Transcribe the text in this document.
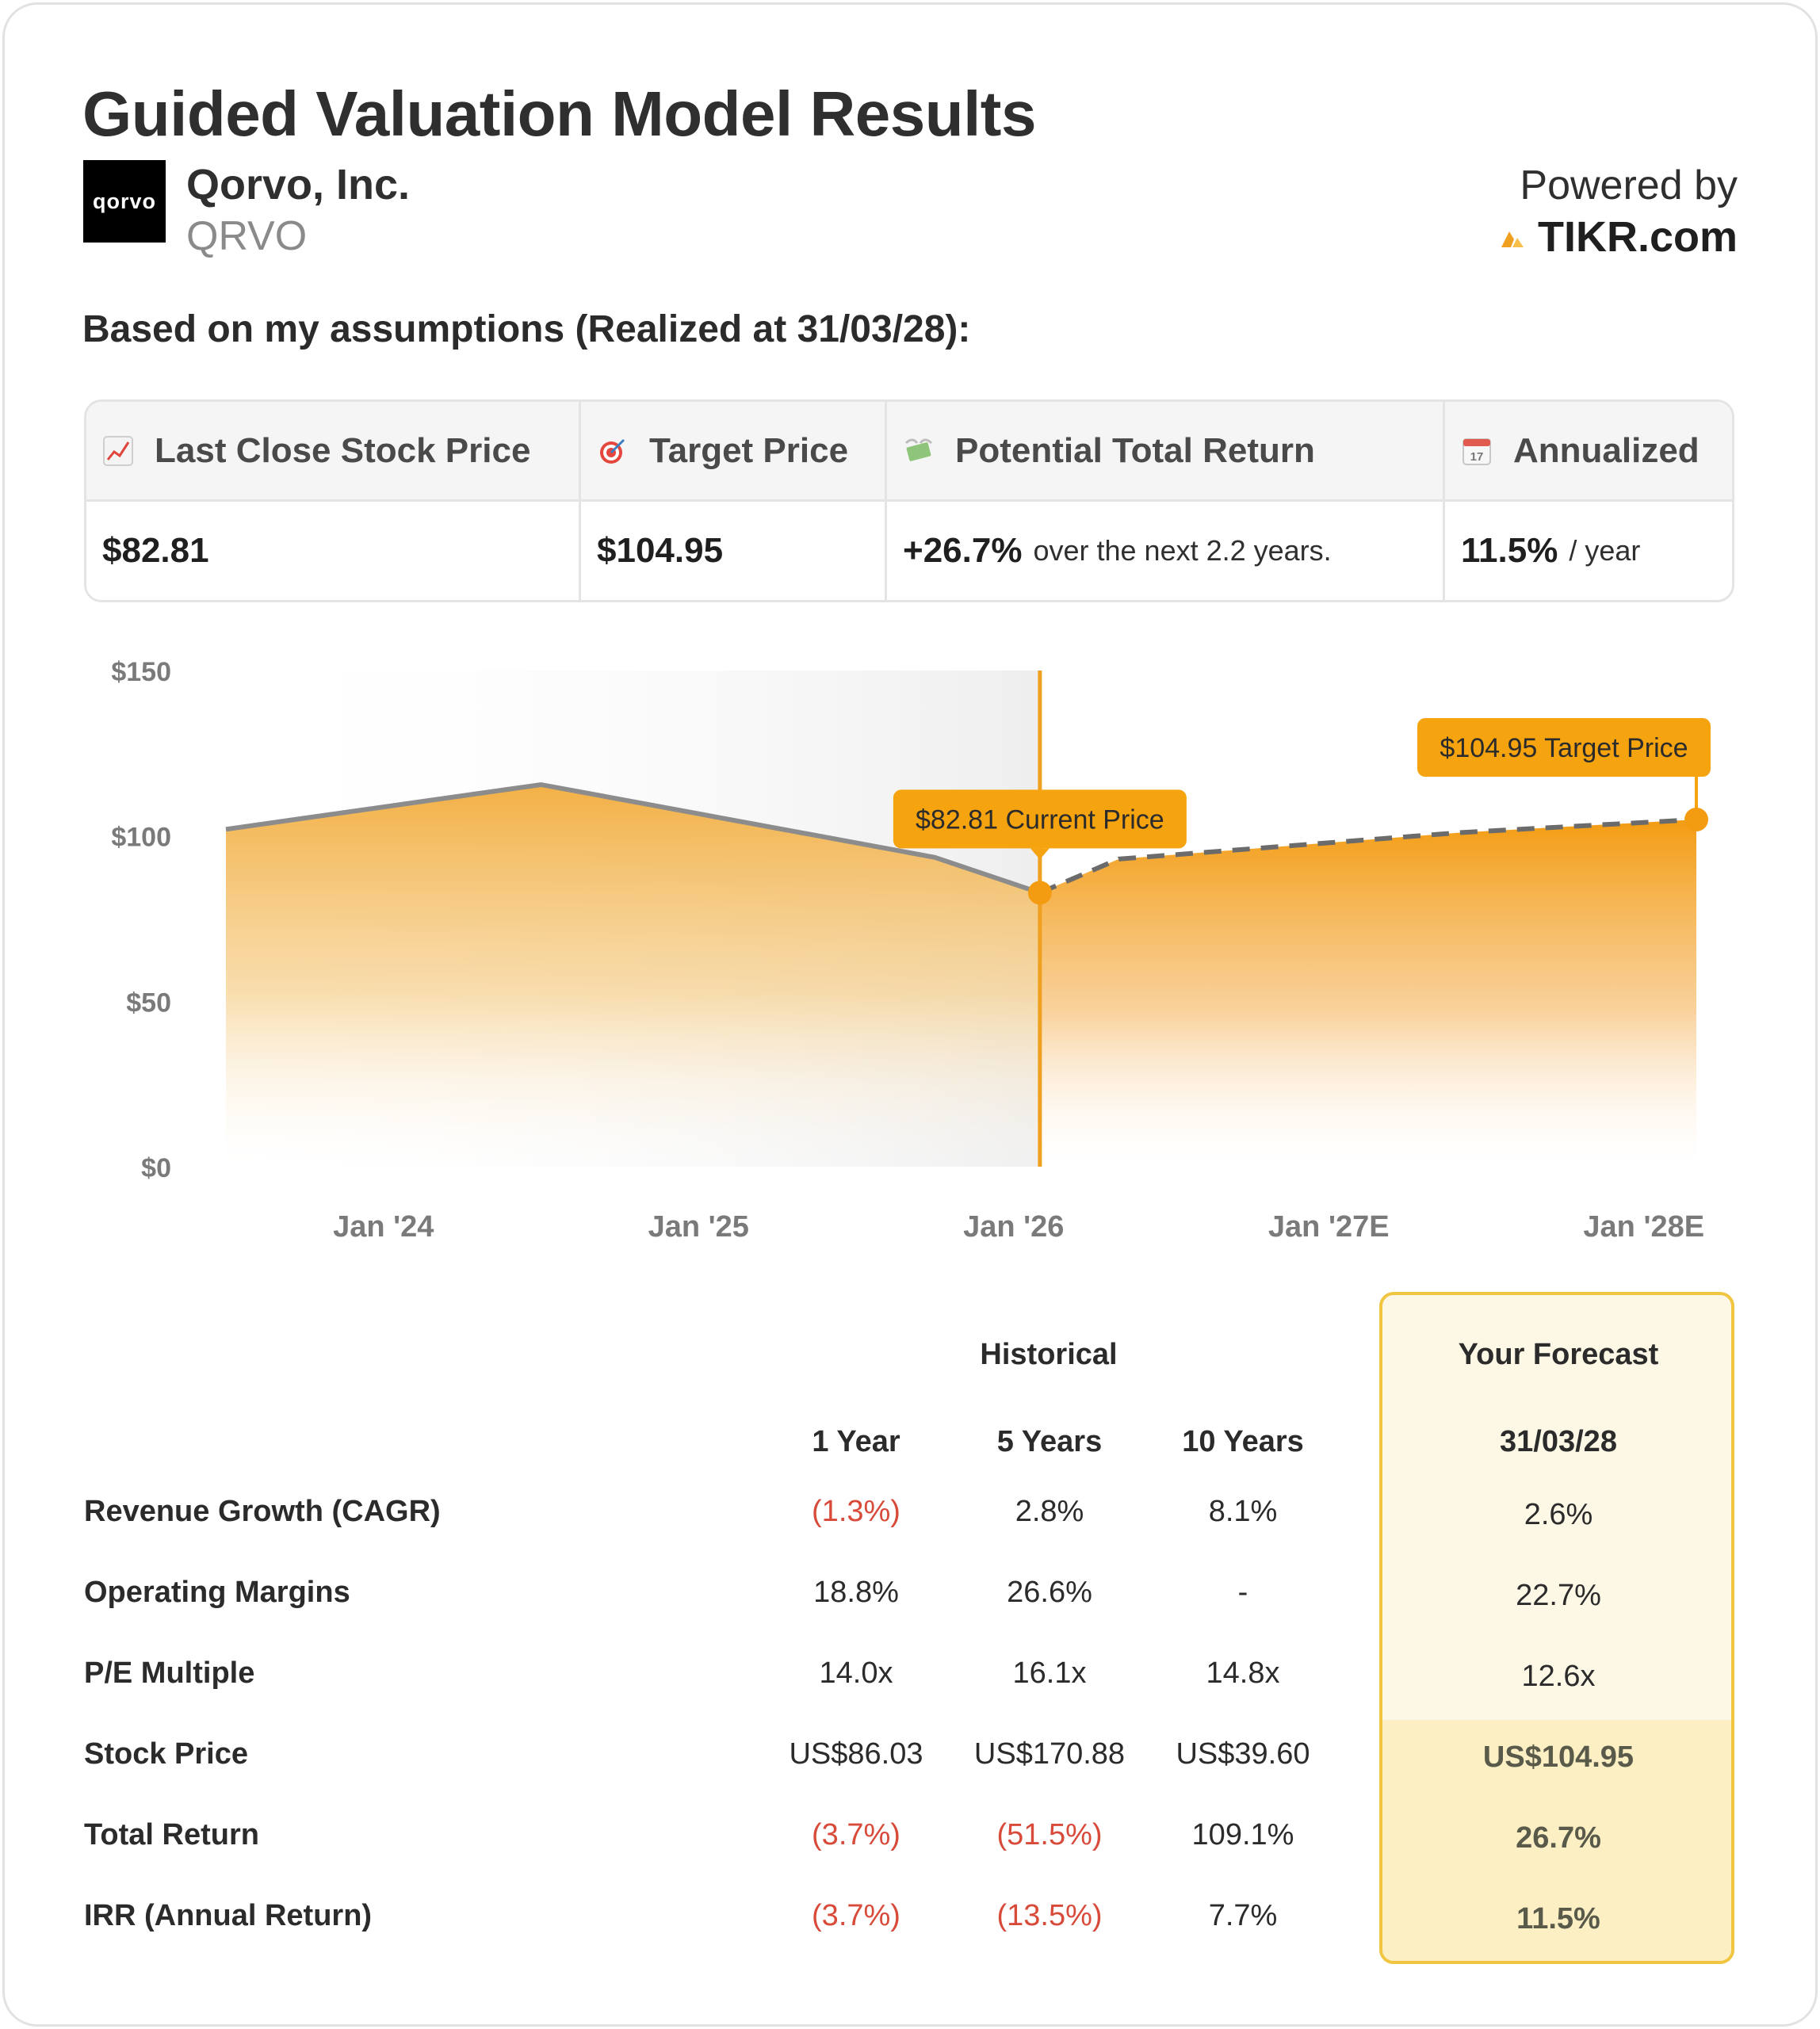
Guided Valuation Model Results
qorvo Qorvo, Inc.
QRVO
Powered by
TIKR.com
Based on my assumptions (Realized at 31/03/28):
Last Close Stock Price	Target Price	Potential Total Return	17 Annualized
$82.81	$104.95	+26.7% over the next 2.2 years.	11.5% / year
$150
$100
$50
$0
Jan '24	Jan '25	Jan '26	Jan '27E	Jan '28E
$82.81 Current Price
$104.95 Target Price
Historical	Your Forecast
1 Year	5 Years	10 Years	31/03/28
Revenue Growth (CAGR)	(1.3%)	2.8%	8.1%	2.6%
Operating Margins	18.8%	26.6%	-	22.7%
P/E Multiple	14.0x	16.1x	14.8x	12.6x
Stock Price	US$86.03	US$170.88	US$39.60	US$104.95
Total Return	(3.7%)	(51.5%)	109.1%	26.7%
IRR (Annual Return)	(3.7%)	(13.5%)	7.7%	11.5%
